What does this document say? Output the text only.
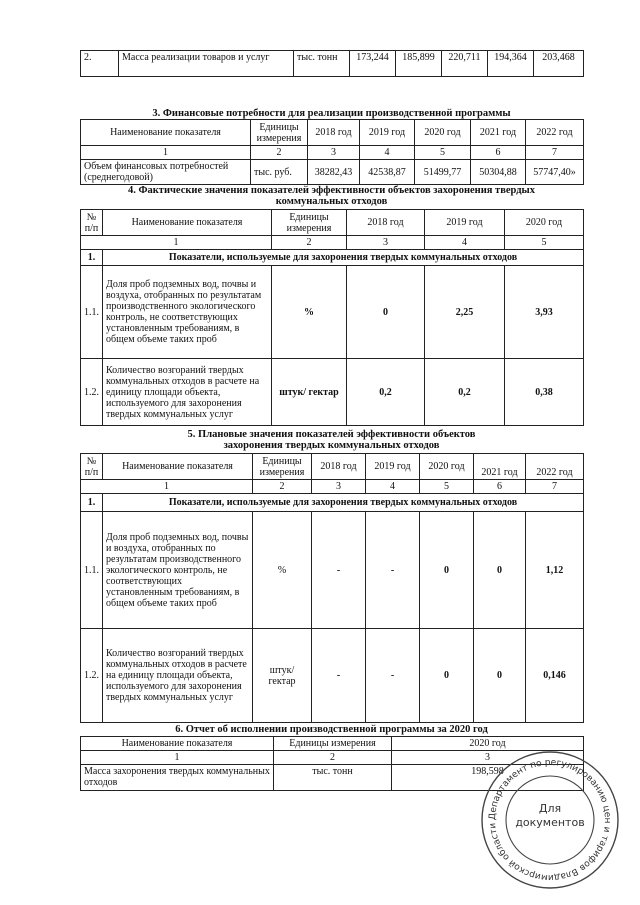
2.	Масса реализации товаров и услуг	тыс. тонн	173,244	185,899	220,711	194,364	203,468
3. Финансовые потребности для реализации производственной программы
Наименование показателя	Единицы измерения	2018 год	2019 год	2020 год	2021 год	2022 год
1	2	3	4	5	6	7
Объем финансовых потребностей (среднегодовой)	тыс. руб.	38282,43	42538,87	51499,77	50304,88	57747,40»
4. Фактические значения показателей эффективности объектов захоронения твердых
коммунальных отходов
№ п/п	Наименование показателя	Единицы измерения	2018 год	2019 год	2020 год
1		2	3	4	5
1.	Показатели, используемые для захоронения твердых коммунальных отходов				
1.1.	Доля проб подземных вод, почвы и воздуха, отобранных по результатам производственного экологического контроль, не соответствующих установленным требованиям, в общем объеме таких проб	%	0	2,25	3,93
1.2.	Количество возгораний твердых коммунальных отходов в расчете на единицу площади объекта, используемого для захоронения твердых коммунальных услуг	штук/ гектар	0,2	0,2	0,38
5. Плановые значения показателей эффективности объектов
захоронения твердых коммунальных отходов
№ п/п	Наименование показателя	Единицы измерения	2018 год	2019 год	2020 год	2021 год	2022 год
1		2	3	4	5	6	7
1.	Показатели, используемые для захоронения твердых коммунальных отходов						
1.1.	Доля проб подземных вод, почвы и воздуха, отобранных по результатам производственного экологического контроль, не соответствующих установленным требованиям, в общем объеме таких проб	%	-	-	0	0	1,12
1.2.	Количество возгораний твердых коммунальных отходов в расчете на единицу площади объекта, используемого для захоронения твердых коммунальных услуг	штук/ гектар	-	-	0	0	0,146
6. Отчет об исполнении производственной программы за 2020 год
Наименование показателя	Единицы измерения	2020 год
1	2	3
Масса захоронения твердых коммунальных отходов	тыс. тонн	198,598
Департамент по регулированию цен и тарифов Владимирской области
Для
документов
